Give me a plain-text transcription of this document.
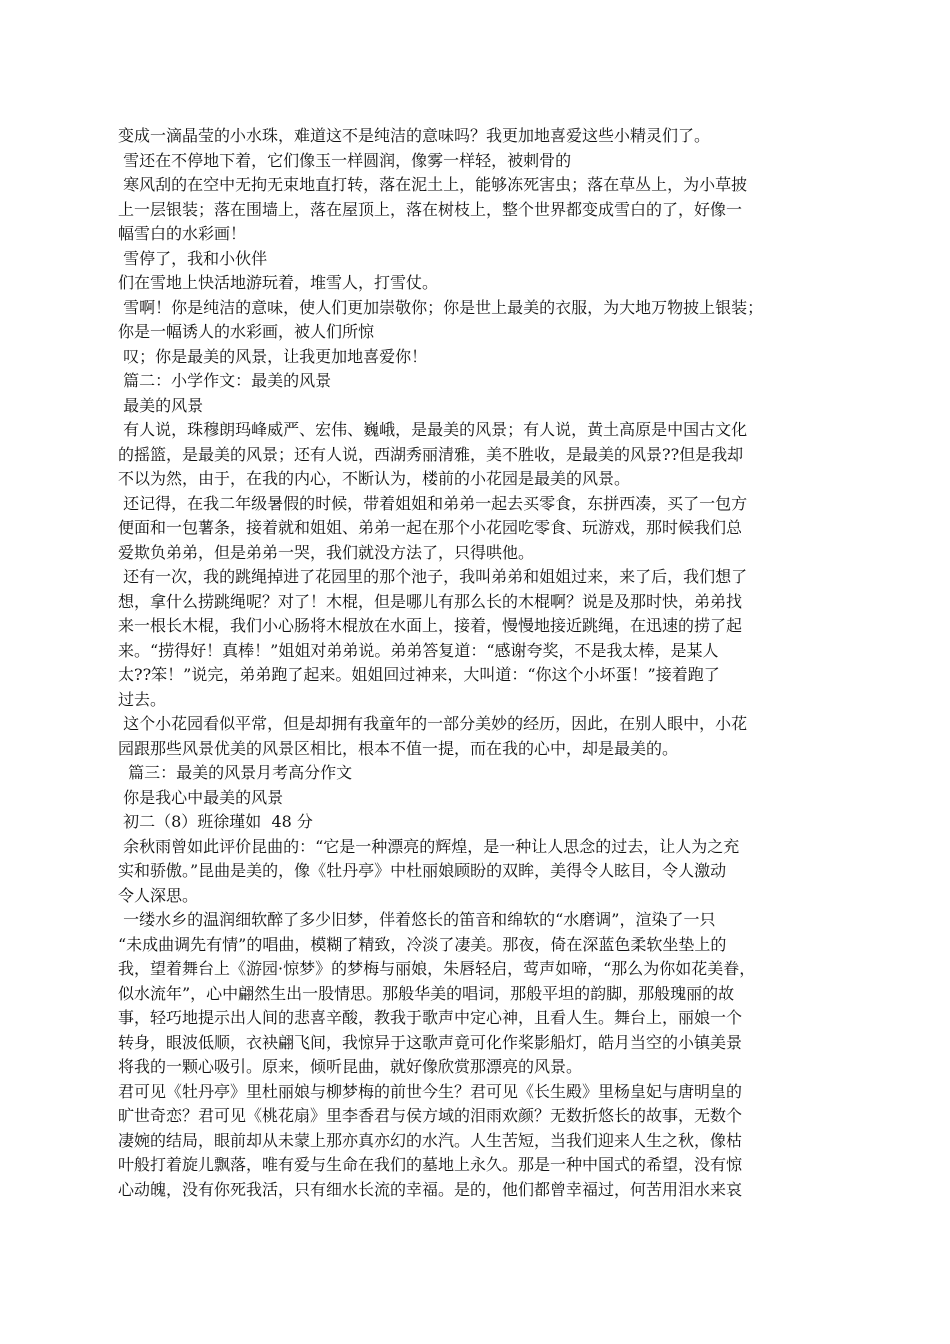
变成一滴晶莹的小水珠，难道这不是纯洁的意味吗？我更加地喜爱这些小精灵们了。

雪还在不停地下着，它们像玉一样圆润，像雾一样轻，被刺骨的

寒风刮的在空中无拘无束地直打转，落在泥土上，能够冻死害虫；落在草丛上，为小草披

上一层银装；落在围墙上，落在屋顶上，落在树枝上，整个世界都变成雪白的了，好像一

幅雪白的水彩画！

雪停了，我和小伙伴

们在雪地上快活地游玩着，堆雪人，打雪仗。

雪啊！你是纯洁的意味，使人们更加崇敬你；你是世上最美的衣服，为大地万物披上银装；

你是一幅诱人的水彩画，被人们所惊

叹；你是最美的风景，让我更加地喜爱你！

篇二：小学作文：最美的风景

最美的风景

有人说，珠穆朗玛峰威严、宏伟、巍峨，是最美的风景；有人说，黄土高原是中国古文化

的摇篮，是最美的风景；还有人说，西湖秀丽清雅，美不胜收，是最美的风景??但是我却

不以为然，由于，在我的内心，不断认为，楼前的小花园是最美的风景。

还记得，在我二年级暑假的时候，带着姐姐和弟弟一起去买零食，东拼西凑，买了一包方

便面和一包薯条，接着就和姐姐、弟弟一起在那个小花园吃零食、玩游戏，那时候我们总

爱欺负弟弟，但是弟弟一哭，我们就没方法了，只得哄他。

还有一次，我的跳绳掉进了花园里的那个池子，我叫弟弟和姐姐过来，来了后，我们想了

想，拿什么捞跳绳呢？对了！木棍，但是哪儿有那么长的木棍啊？说是及那时快，弟弟找

来一根长木棍，我们小心肠将木棍放在水面上，接着，慢慢地接近跳绳，在迅速的捞了起

来。“捞得好！真棒！”姐姐对弟弟说。弟弟答复道：“感谢夸奖，不是我太棒，是某人

太??笨！”说完，弟弟跑了起来。姐姐回过神来，大叫道：“你这个小坏蛋！”接着跑了

过去。

这个小花园看似平常，但是却拥有我童年的一部分美妙的经历，因此，在别人眼中，小花

园跟那些风景优美的风景区相比，根本不值一提，而在我的心中，却是最美的。

篇三：最美的风景月考高分作文

你是我心中最美的风景

初二（8）班徐瑾如  48 分

余秋雨曾如此评价昆曲的：“它是一种漂亮的辉煌，是一种让人思念的过去，让人为之充

实和骄傲。”昆曲是美的，像《牡丹亭》中杜丽娘顾盼的双眸，美得令人眩目，令人激动

令人深思。

一缕水乡的温润细软醉了多少旧梦，伴着悠长的笛音和绵软的“水磨调”，渲染了一只

“未成曲调先有情”的唱曲，模糊了精致，冷淡了凄美。那夜，倚在深蓝色柔软坐垫上的

我，望着舞台上《游园·惊梦》的梦梅与丽娘，朱唇轻启，莺声如啼，“那么为你如花美眷，

似水流年”，心中翩然生出一股情思。那般华美的唱词，那般平坦的韵脚，那般瑰丽的故

事，轻巧地提示出人间的悲喜辛酸，教我于歌声中定心神，且看人生。舞台上，丽娘一个

转身，眼波低顺，衣袂翩飞间，我惊异于这歌声竟可化作桨影船灯，皓月当空的小镇美景

将我的一颗心吸引。原来，倾听昆曲，就好像欣赏那漂亮的风景。

君可见《牡丹亭》里杜丽娘与柳梦梅的前世今生？君可见《长生殿》里杨皇妃与唐明皇的

旷世奇恋？君可见《桃花扇》里李香君与侯方域的泪雨欢颜？无数折悠长的故事，无数个

凄婉的结局，眼前却从未蒙上那亦真亦幻的水汽。人生苦短，当我们迎来人生之秋，像枯

叶般打着旋儿飘落，唯有爱与生命在我们的墓地上永久。那是一种中国式的希望，没有惊

心动魄，没有你死我活，只有细水长流的幸福。是的，他们都曾幸福过，何苦用泪水来哀
